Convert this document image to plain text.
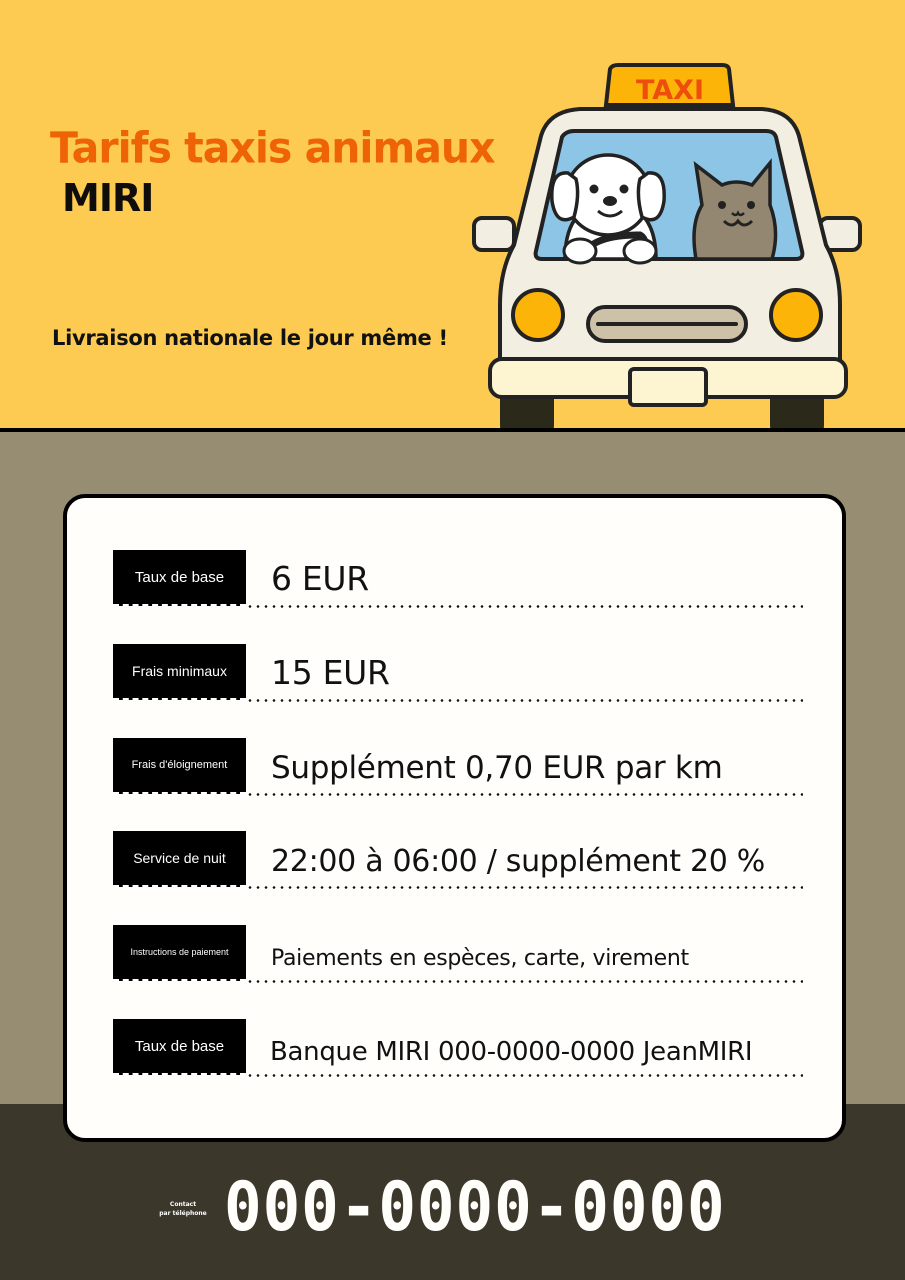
Tarifs taxis animaux
MIRI
Livraison nationale le jour même !
TAXI
Taux de base	6 EUR
Frais minimaux	15 EUR
Frais d'éloignement	Supplément 0,70 EUR par km
Service de nuit	22:00 à 06:00 / supplément 20 %
Instructions de paiement	Paiements en espèces, carte, virement
Taux de base	Banque MIRI 000-0000-0000 JeanMIRI
Contact
par téléphone 000-0000-0000
